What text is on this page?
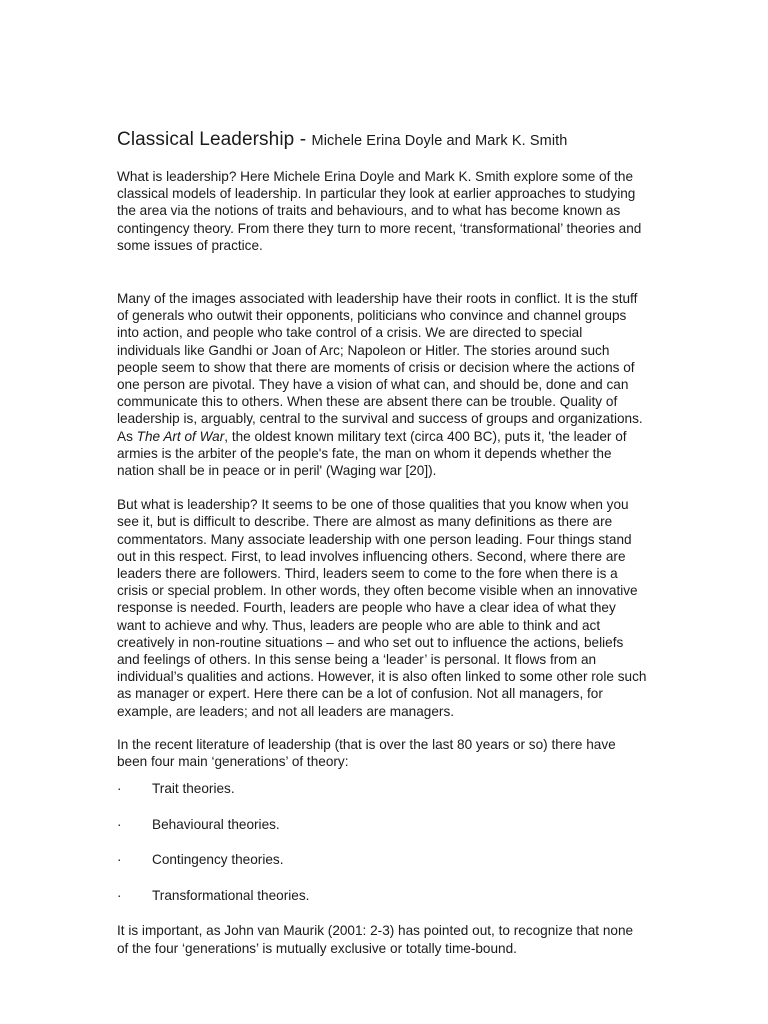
Classical Leadership - Michele Erina Doyle and Mark K. Smith

What is leadership? Here Michele Erina Doyle and Mark K. Smith explore some of the classical models of leadership. In particular they look at earlier approaches to studying the area via the notions of traits and behaviours, and to what has become known as contingency theory. From there they turn to more recent, ‘transformational’ theories and some issues of practice.

Many of the images associated with leadership have their roots in conflict. It is the stuff of generals who outwit their opponents, politicians who convince and channel groups into action, and people who take control of a crisis. We are directed to special individuals like Gandhi or Joan of Arc; Napoleon or Hitler. The stories around such people seem to show that there are moments of crisis or decision where the actions of one person are pivotal. They have a vision of what can, and should be, done and can communicate this to others. When these are absent there can be trouble. Quality of leadership is, arguably, central to the survival and success of groups and organizations. As The Art of War, the oldest known military text (circa 400 BC), puts it, 'the leader of armies is the arbiter of the people's fate, the man on whom it depends whether the nation shall be in peace or in peril' (Waging war [20]).

But what is leadership? It seems to be one of those qualities that you know when you see it, but is difficult to describe. There are almost as many definitions as there are commentators. Many associate leadership with one person leading. Four things stand out in this respect. First, to lead involves influencing others. Second, where there are leaders there are followers. Third, leaders seem to come to the fore when there is a crisis or special problem. In other words, they often become visible when an innovative response is needed. Fourth, leaders are people who have a clear idea of what they want to achieve and why. Thus, leaders are people who are able to think and act creatively in non-routine situations – and who set out to influence the actions, beliefs and feelings of others. In this sense being a ‘leader’ is personal. It flows from an individual’s qualities and actions. However, it is also often linked to some other role such as manager or expert. Here there can be a lot of confusion. Not all managers, for example, are leaders; and not all leaders are managers.

In the recent literature of leadership (that is over the last 80 years or so) there have been four main ‘generations’ of theory:

·	Trait theories.
·	Behavioural theories.
·	Contingency theories.
·	Transformational theories.

It is important, as John van Maurik (2001: 2-3) has pointed out, to recognize that none of the four ‘generations’ is mutually exclusive or totally time-bound.
